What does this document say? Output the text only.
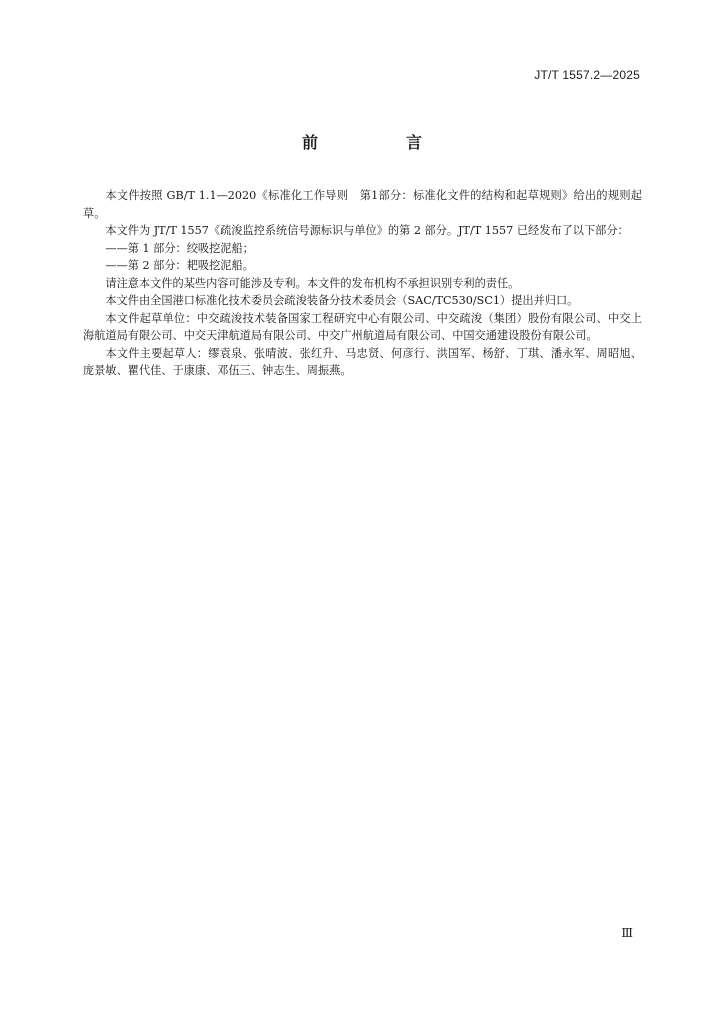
JT/T 1557.2—2025
前　言

本文件按照 GB/T 1.1—2020《标准化工作导则　第1部分：标准化文件的结构和起草规则》给出的规则起草。

本文件为 JT/T 1557《疏浚监控系统信号源标识与单位》的第 2 部分。JT/T 1557 已经发布了以下部分：

——第 1 部分：绞吸挖泥船；

——第 2 部分：耙吸挖泥船。

请注意本文件的某些内容可能涉及专利。本文件的发布机构不承担识别专利的责任。

本文件由全国港口标准化技术委员会疏浚装备分技术委员会（SAC/TC530/SC1）提出并归口。

本文件起草单位：中交疏浚技术装备国家工程研究中心有限公司、中交疏浚（集团）股份有限公司、中交上海航道局有限公司、中交天津航道局有限公司、中交广州航道局有限公司、中国交通建设股份有限公司。

本文件主要起草人：缪袁泉、张晴波、张红升、马忠贤、何彦行、洪国军、杨舒、丁琪、潘永军、周昭旭、庞景敏、瞿代佳、于康康、邓伍三、钟志生、周振燕。

Ⅲ
